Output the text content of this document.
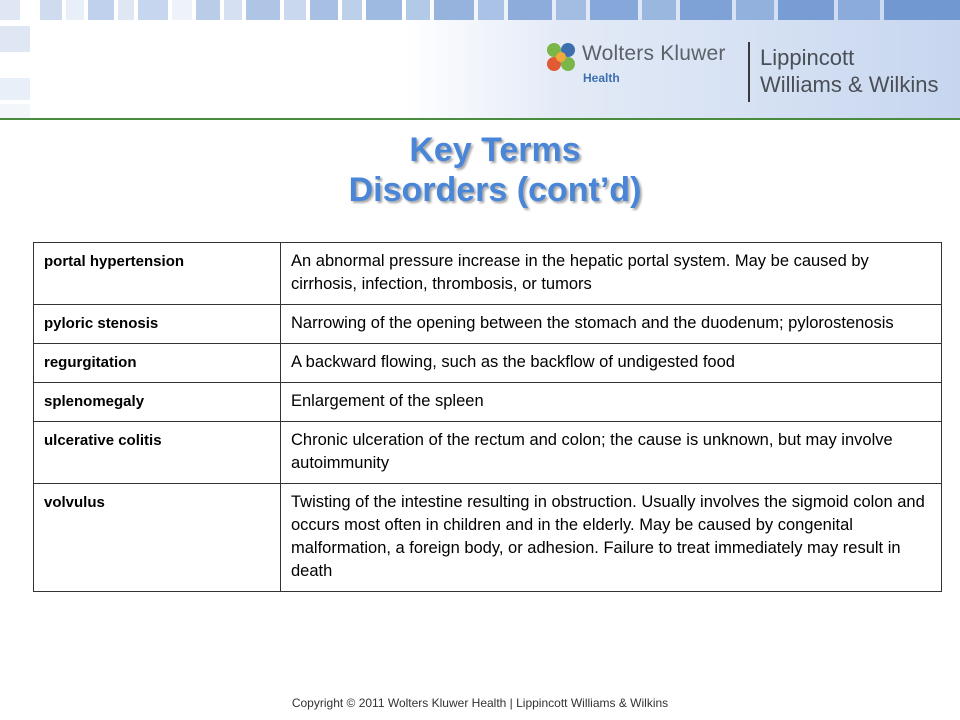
Wolters Kluwer
Health
Lippincott
Williams & Wilkins
Key Terms
Disorders (cont’d)
portal hypertension	An abnormal pressure increase in the hepatic portal system. May be caused by cirrhosis, infection, thrombosis, or tumors
pyloric stenosis	Narrowing of the opening between the stomach and the duodenum; pylorostenosis
regurgitation	A backward flowing, such as the backflow of undigested food
splenomegaly	Enlargement of the spleen
ulcerative colitis	Chronic ulceration of the rectum and colon; the cause is unknown, but may involve autoimmunity
volvulus	Twisting of the intestine resulting in obstruction. Usually involves the sigmoid colon and occurs most often in children and in the elderly. May be caused by congenital malformation, a foreign body, or adhesion. Failure to treat immediately may result in death
Copyright © 2011 Wolters Kluwer Health | Lippincott Williams & Wilkins
